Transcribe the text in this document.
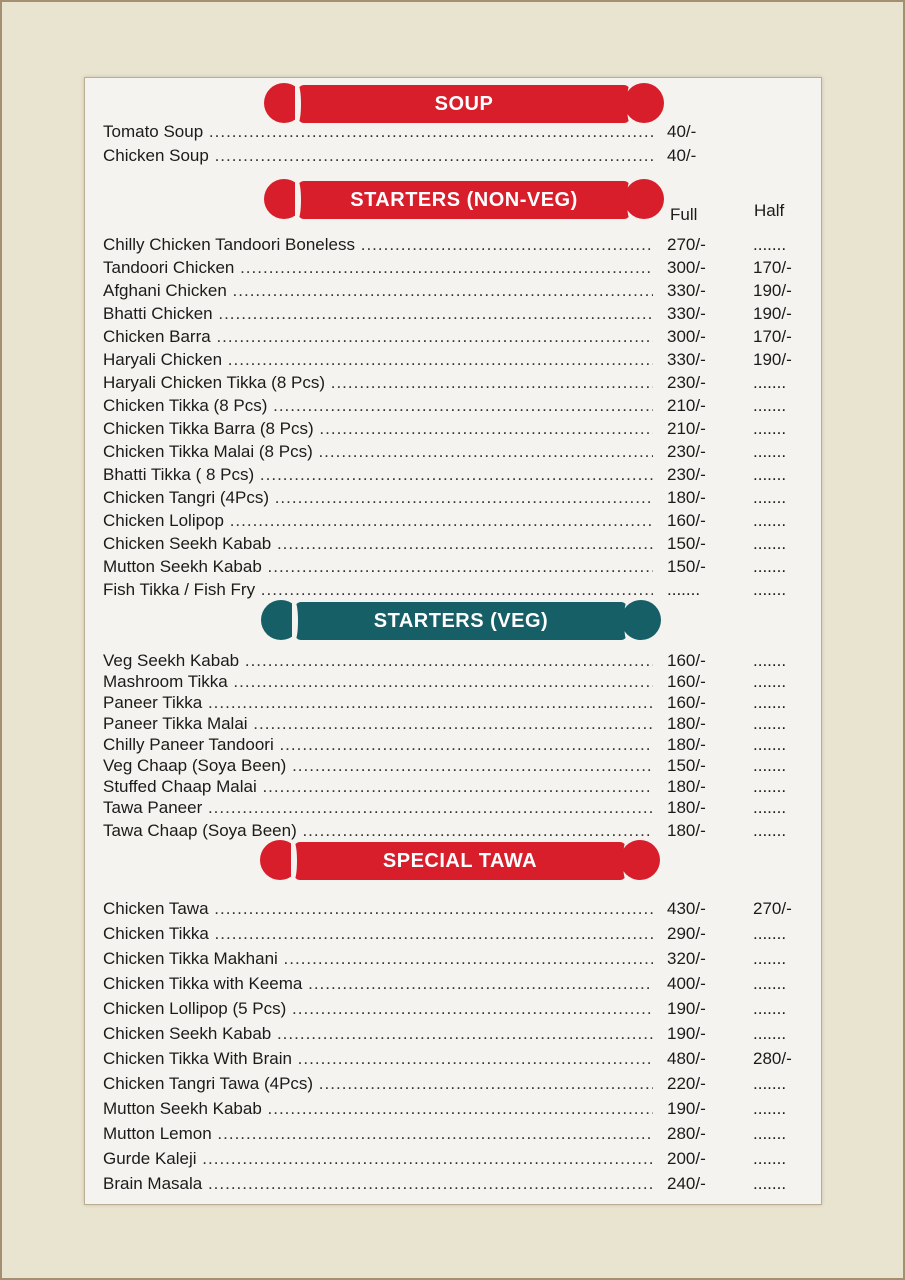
SOUP
STARTERS (NON-VEG)
Full	Half
STARTERS (VEG)
SPECIAL TAWA
Tomato Soup .....	40/-
Chicken Soup .....	40/-
Chilly Chicken Tandoori Boneless .....	270/-	.......
Tandoori Chicken .....	300/-	170/-
Afghani Chicken .....	330/-	190/-
Bhatti Chicken .....	330/-	190/-
Chicken Barra .....	300/-	170/-
Haryali Chicken .....	330/-	190/-
Haryali Chicken Tikka (8 Pcs) .....	230/-	.......
Chicken Tikka (8 Pcs) .....	210/-	.......
Chicken Tikka Barra (8 Pcs) .....	210/-	.......
Chicken Tikka Malai (8 Pcs) .....	230/-	.......
Bhatti Tikka ( 8 Pcs) .....	230/-	.......
Chicken Tangri (4Pcs) .....	180/-	.......
Chicken Lolipop .....	160/-	.......
Chicken Seekh Kabab .....	150/-	.......
Mutton Seekh Kabab .....	150/-	.......
Fish Tikka / Fish Fry .....	.......	.......
Veg Seekh Kabab .....	160/-	.......
Mashroom Tikka .....	160/-	.......
Paneer Tikka .....	160/-	.......
Paneer Tikka Malai .....	180/-	.......
Chilly Paneer Tandoori .....	180/-	.......
Veg Chaap (Soya Been) .....	150/-	.......
Stuffed Chaap Malai .....	180/-	.......
Tawa Paneer .....	180/-	.......
Tawa Chaap (Soya Been) .....	180/-	.......
Chicken Tawa .....	430/-	270/-
Chicken Tikka .....	290/-	.......
Chicken Tikka Makhani .....	320/-	.......
Chicken Tikka with Keema .....	400/-	.......
Chicken Lollipop (5 Pcs) .....	190/-	.......
Chicken Seekh Kabab .....	190/-	.......
Chicken Tikka With Brain .....	480/-	280/-
Chicken Tangri Tawa (4Pcs) .....	220/-	.......
Mutton Seekh Kabab .....	190/-	.......
Mutton Lemon .....	280/-	.......
Gurde Kaleji .....	200/-	.......
Brain Masala .....	240/-	.......
